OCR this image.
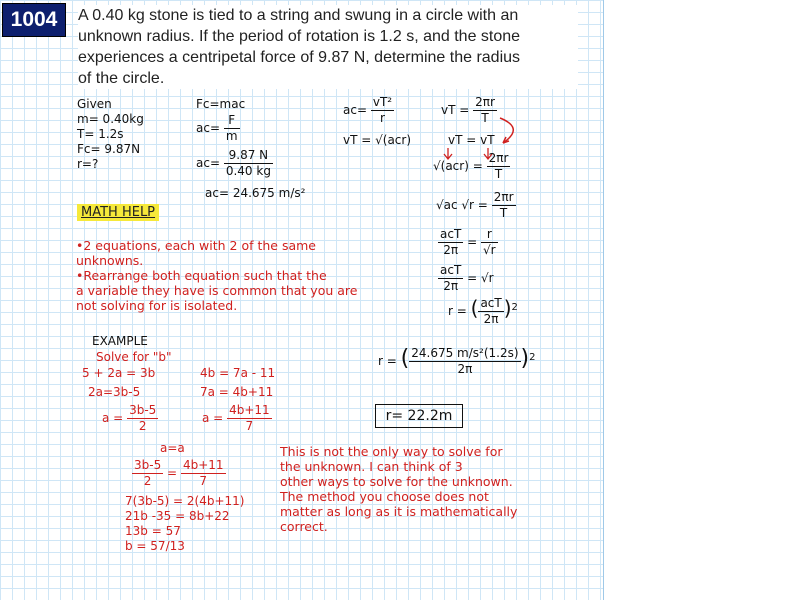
1004	A 0.40 kg stone is tied to a string and swung in a circle with an
unknown radius. If the period of rotation is 1.2 s, and the stone
experiences a centripetal force of 9.87 N, determine the radius
of the circle.
Given
m= 0.40kg
T= 1.2s
Fc= 9.87N
r=?
Fc=mac
$ac= \frac{F}{m}$
$ac= \frac{9.87 N}{0.40 kg}$
ac= 24.675 m/s²
$ac= \frac{\text{vT²}}{r}$
vT = √(acr)
vT = $\frac{2\pi r}{T}$
vT = vT
$√(acr) = \frac{2\pi r}{T}$
√ac $√r = \frac{2\pi r}{T}$
$\frac{\text{acT}}{2\pi} = \frac{r}{√r}$
$\frac{\text{acT}}{2\pi} = √r$
r = ( $\frac{\text{acT}}{2\pi} )^2$
r = ( $\frac{\text{24.675 m/s²(1.2s)}}{2\pi} )^2$
r= 22.2m
MATH HELP
•2 equations, each with 2 of the same
unknowns.
•Rearrange both equation such that the
a variable they have is common that you are
not solving for is isolated.
EXAMPLE
Solve for "b"
5 + 2a = 3b
2a=3b-5
$a = \frac{3b-5}{2}$
4b = 7a - 11
7a = 4b+11
$a = \frac{4b+11}{7}$
a=a
$\frac{3b-5}{2} = \frac{4b+11}{7}$
7(3b-5) = 2(4b+11)
21b -35 = 8b+22
13b = 57
b = 57/13
This is not the only way to solve for
the unknown. I can think of 3
other ways to solve for the unknown.
The method you choose does not
matter as long as it is mathematically
correct.
